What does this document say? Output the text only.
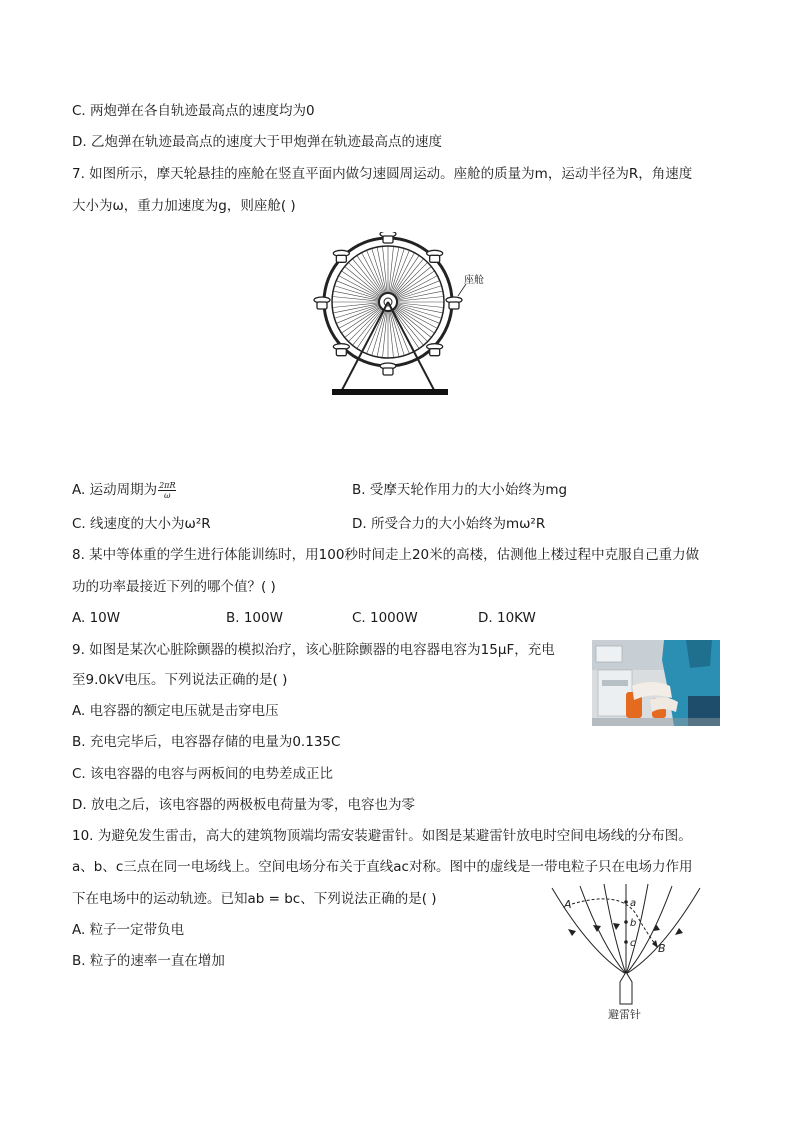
C. 两炮弹在各自轨迹最高点的速度均为0
D. 乙炮弹在轨迹最高点的速度大于甲炮弹在轨迹最高点的速度
7. 如图所示，摩天轮悬挂的座舱在竖直平面内做匀速圆周运动。座舱的质量为m，运动半径为R，角速度
大小为ω，重力加速度为g，则座舱( )
座舱
A. 运动周期为 $\frac{2\pi R}{\omega}$	B. 受摩天轮作用力的大小始终为mg
C. 线速度的大小为ω²R	D. 所受合力的大小始终为mω²R
8. 某中等体重的学生进行体能训练时，用100秒时间走上20米的高楼，估测他上楼过程中克服自己重力做
功的功率最接近下列的哪个值？( )
A. 10W	B. 100W	C. 1000W	D. 10KW
9. 如图是某次心脏除颤器的模拟治疗，该心脏除颤器的电容器电容为15μF，充电
至9.0kV电压。下列说法正确的是( )
A. 电容器的额定电压就是击穿电压
B. 充电完毕后，电容器存储的电量为0.135C
C. 该电容器的电容与两板间的电势差成正比
D. 放电之后，该电容器的两极板电荷量为零，电容也为零
10. 为避免发生雷击，高大的建筑物顶端均需安装避雷针。如图是某避雷针放电时空间电场线的分布图。
a、b、c三点在同一电场线上。空间电场分布关于直线ac对称。图中的虚线是一带电粒子只在电场力作用
下在电场中的运动轨迹。已知ab = bc、下列说法正确的是( )
A. 粒子一定带负电
B. 粒子的速率一直在增加
a
b
c
A
B
避雷针
